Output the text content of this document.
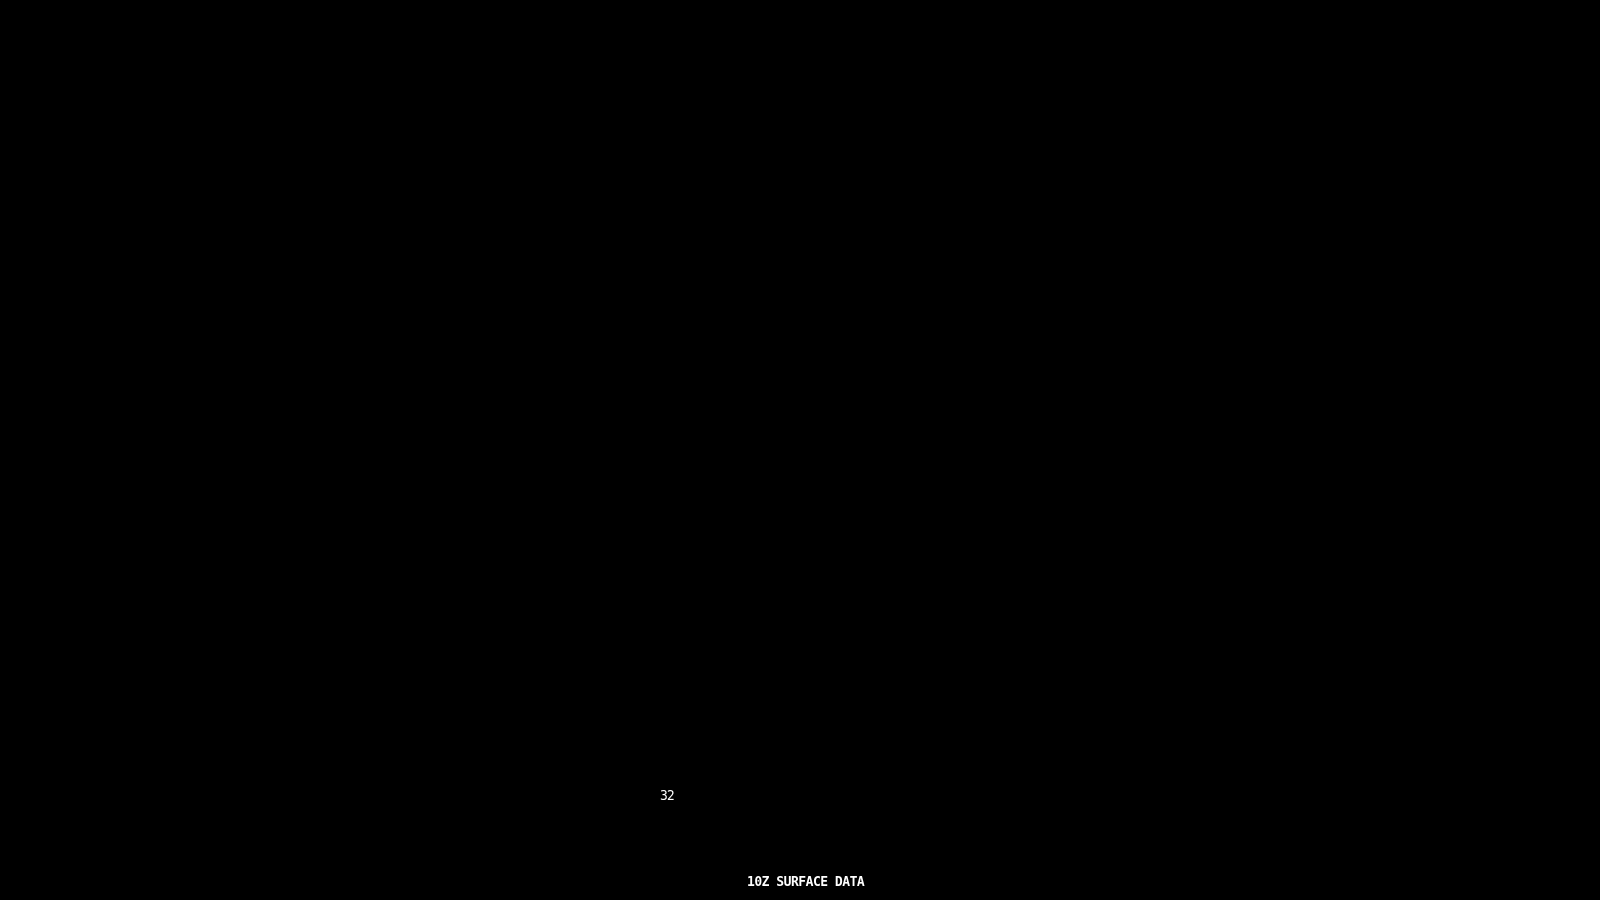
32
10Z SURFACE DATA
